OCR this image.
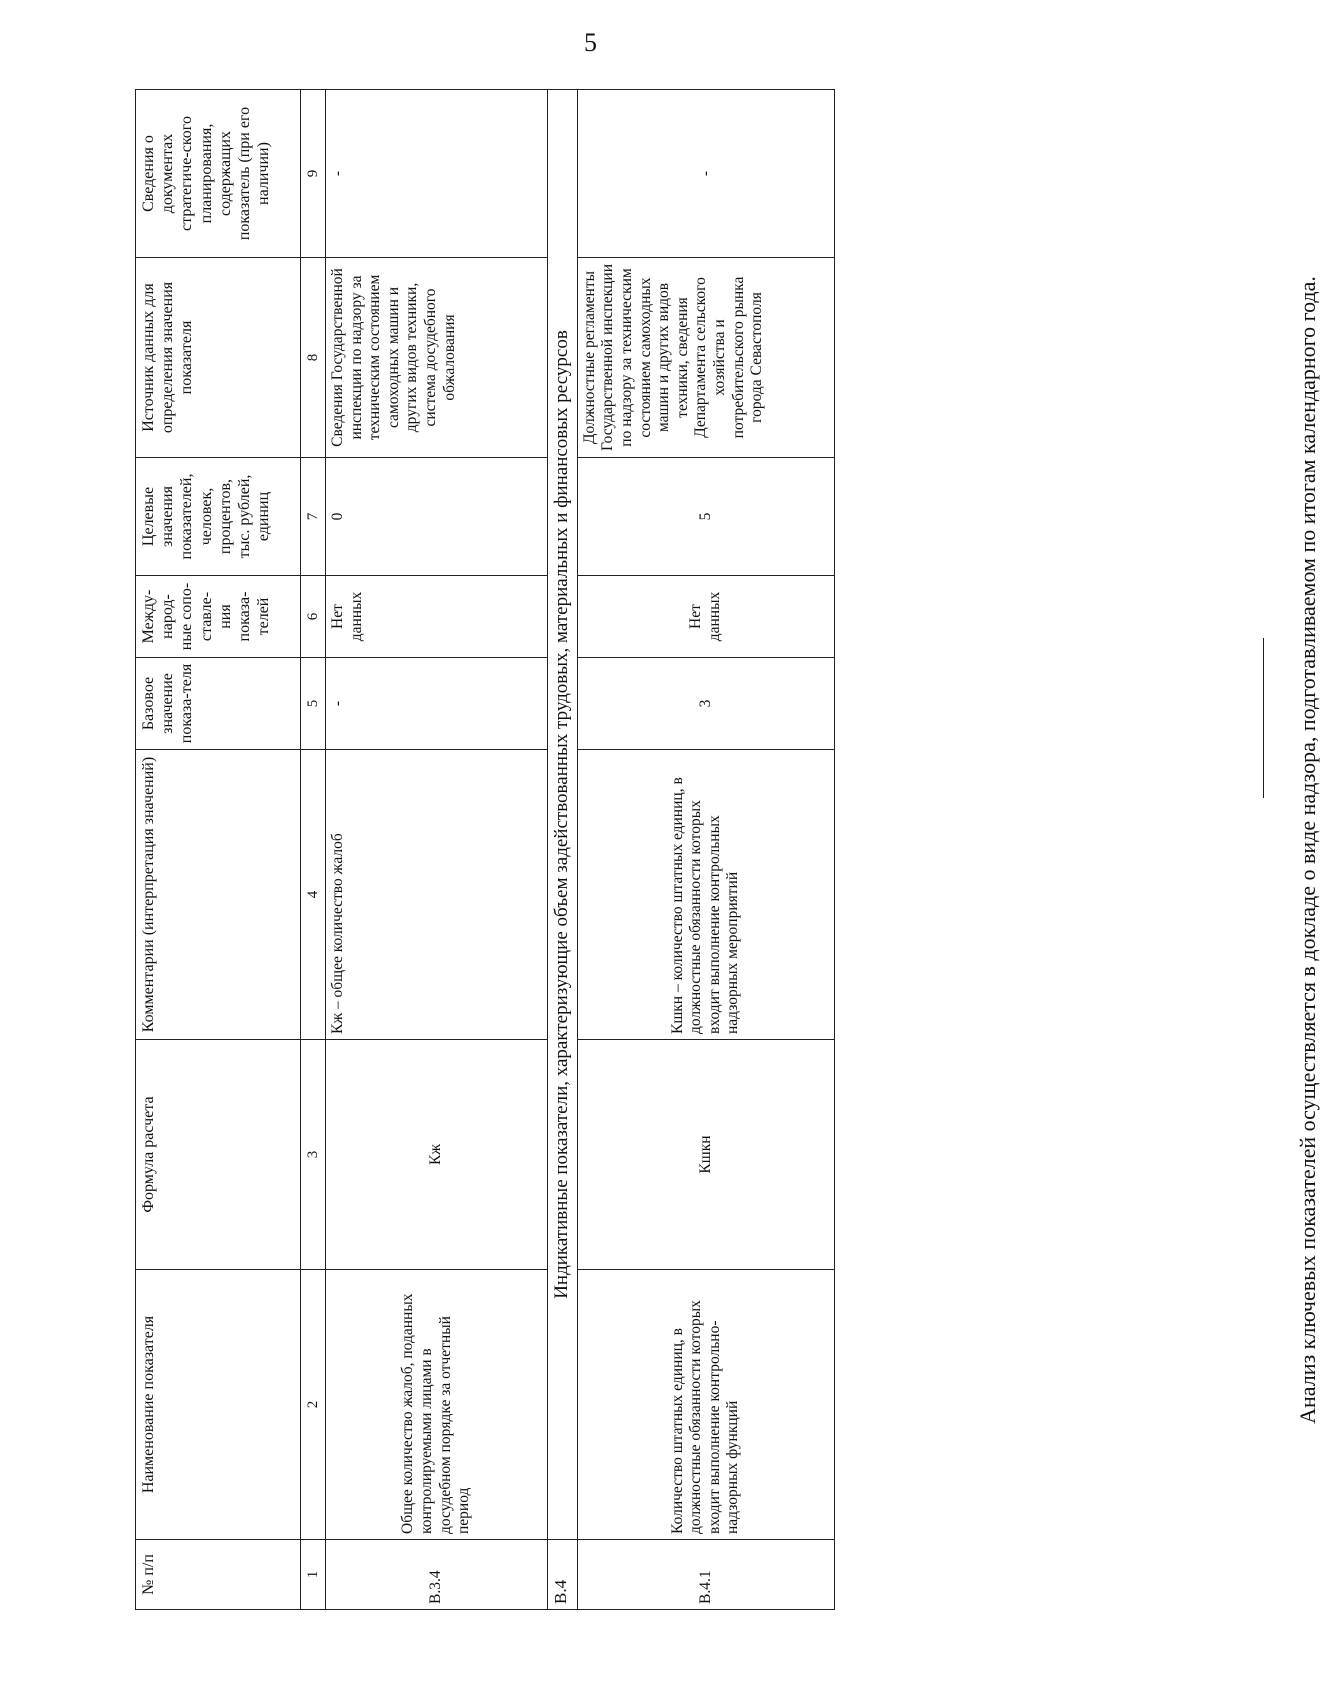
5
№ п/п	Наименование показателя	Формула расчета	Комментарии (интерпретация значений)	Базовое значение показа-теля	Между-народ-ные сопо-ставле-ния показа-телей	Целевые значения показателей, человек, процентов, тыс. рублей, единиц	Источник данных для определения значения показателя	Сведения о документах стратегиче-ского планирования, содержащих показатель (при его наличии)
1	2	3	4	5	6	7	8	9
В.3.4	Общее количество жалоб, поданных контролируемыми лицами в досудебном порядке за отчетный период	Кж	Кж – общее количество жалоб	-	Нет данных	0	Сведения Государственной инспекции по надзору за техническим состоянием самоходных машин и других видов техники, система досудебного обжалования	-
В.4	Индикативные показатели, характеризующие объем задействованных трудовых, материальных и финансовых ресурсов							
В.4.1	Количество штатных единиц, в должностные обязанности которых входит выполнение контрольно-надзорных функций	Кшкн	Кшкн – количество штатных единиц, в должностные обязанности которых входит выполнение контрольных надзорных мероприятий	3	Нет данных	5	Должностные регламенты Государственной инспекции по надзору за техническим состоянием самоходных машин и других видов техники, сведения Департамента сельского хозяйства и потребительского рынка города Севастополя	-
Анализ ключевых показателей осуществляется в докладе о виде надзора, подготавливаемом по итогам календарного года.
